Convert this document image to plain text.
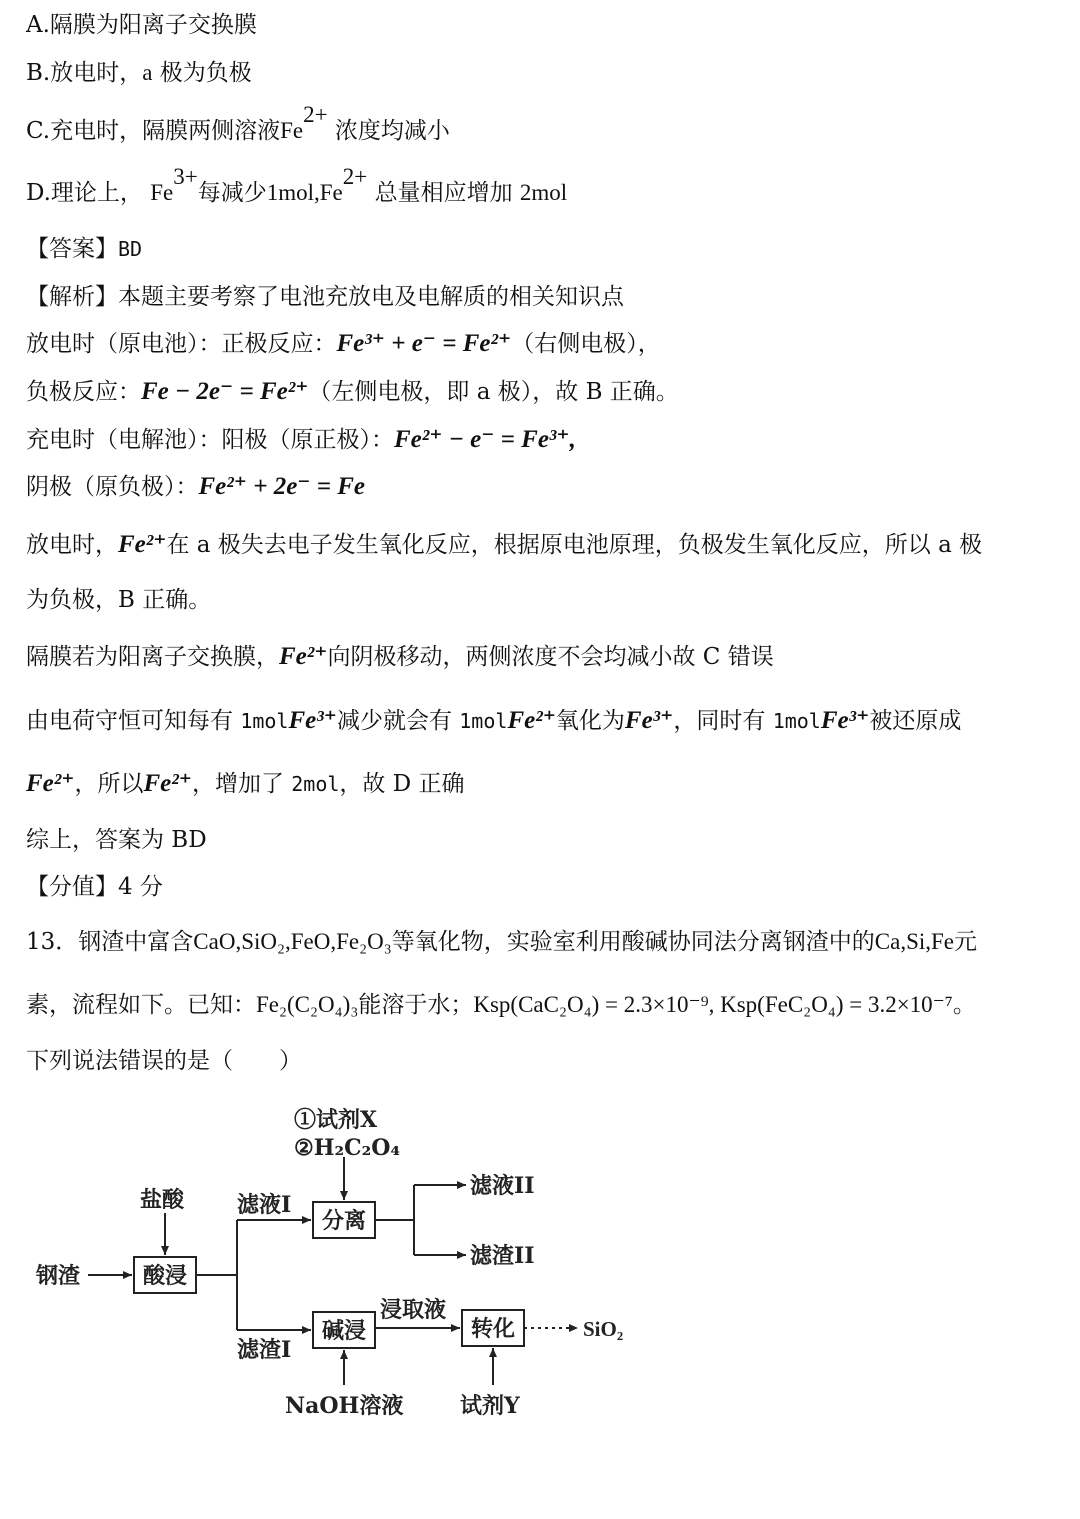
A.隔膜为阳离子交换膜
B.放电时，a 极为负极
C.充电时，隔膜两侧溶液$Fe^{2+}$ 浓度均减小
D.理论上， $Fe^{3+}$每减少$1mol,Fe^{2+}$ 总量相应增加 2mol
【答案】BD
【解析】本题主要考察了电池充放电及电解质的相关知识点
放电时（原电池）：正极反应：Fe³⁺ + e⁻ = Fe²⁺（右侧电极），
负极反应：Fe − 2e⁻ = Fe²⁺（左侧电极，即 a 极），故 B 正确。
充电时（电解池）：阳极（原正极）：Fe²⁺ − e⁻ = Fe³⁺,
阴极（原负极）：Fe²⁺ + 2e⁻ = Fe
放电时，Fe²⁺在 a 极失去电子发生氧化反应，根据原电池原理，负极发生氧化反应，所以 a 极
为负极，B 正确。
隔膜若为阳离子交换膜，Fe²⁺向阴极移动，两侧浓度不会均减小故 C 错误
由电荷守恒可知每有 1molFe³⁺减少就会有 1molFe²⁺氧化为Fe³⁺，同时有 1molFe³⁺被还原成
Fe²⁺，所以Fe²⁺，增加了 2mol，故 D 正确
综上，答案为 BD
【分值】4 分
13．钢渣中富含CaO,SiO₂,FeO,Fe₂O₃等氧化物，实验室利用酸碱协同法分离钢渣中的Ca,Si,Fe元
素，流程如下。已知：Fe₂(C₂O₄)₃能溶于水；Ksp(CaC₂O₄) = 2.3×10⁻⁹, Ksp(FeC₂O₄) = 3.2×10⁻⁷。
下列说法错误的是（　　）
①试剂X
②H₂C₂O₄
盐酸 滤液I
分离
滤液II
滤渣II
钢渣	酸浸
浸取液
滤渣I
碱浸	转化	SiO₂
NaOH溶液	试剂Y
